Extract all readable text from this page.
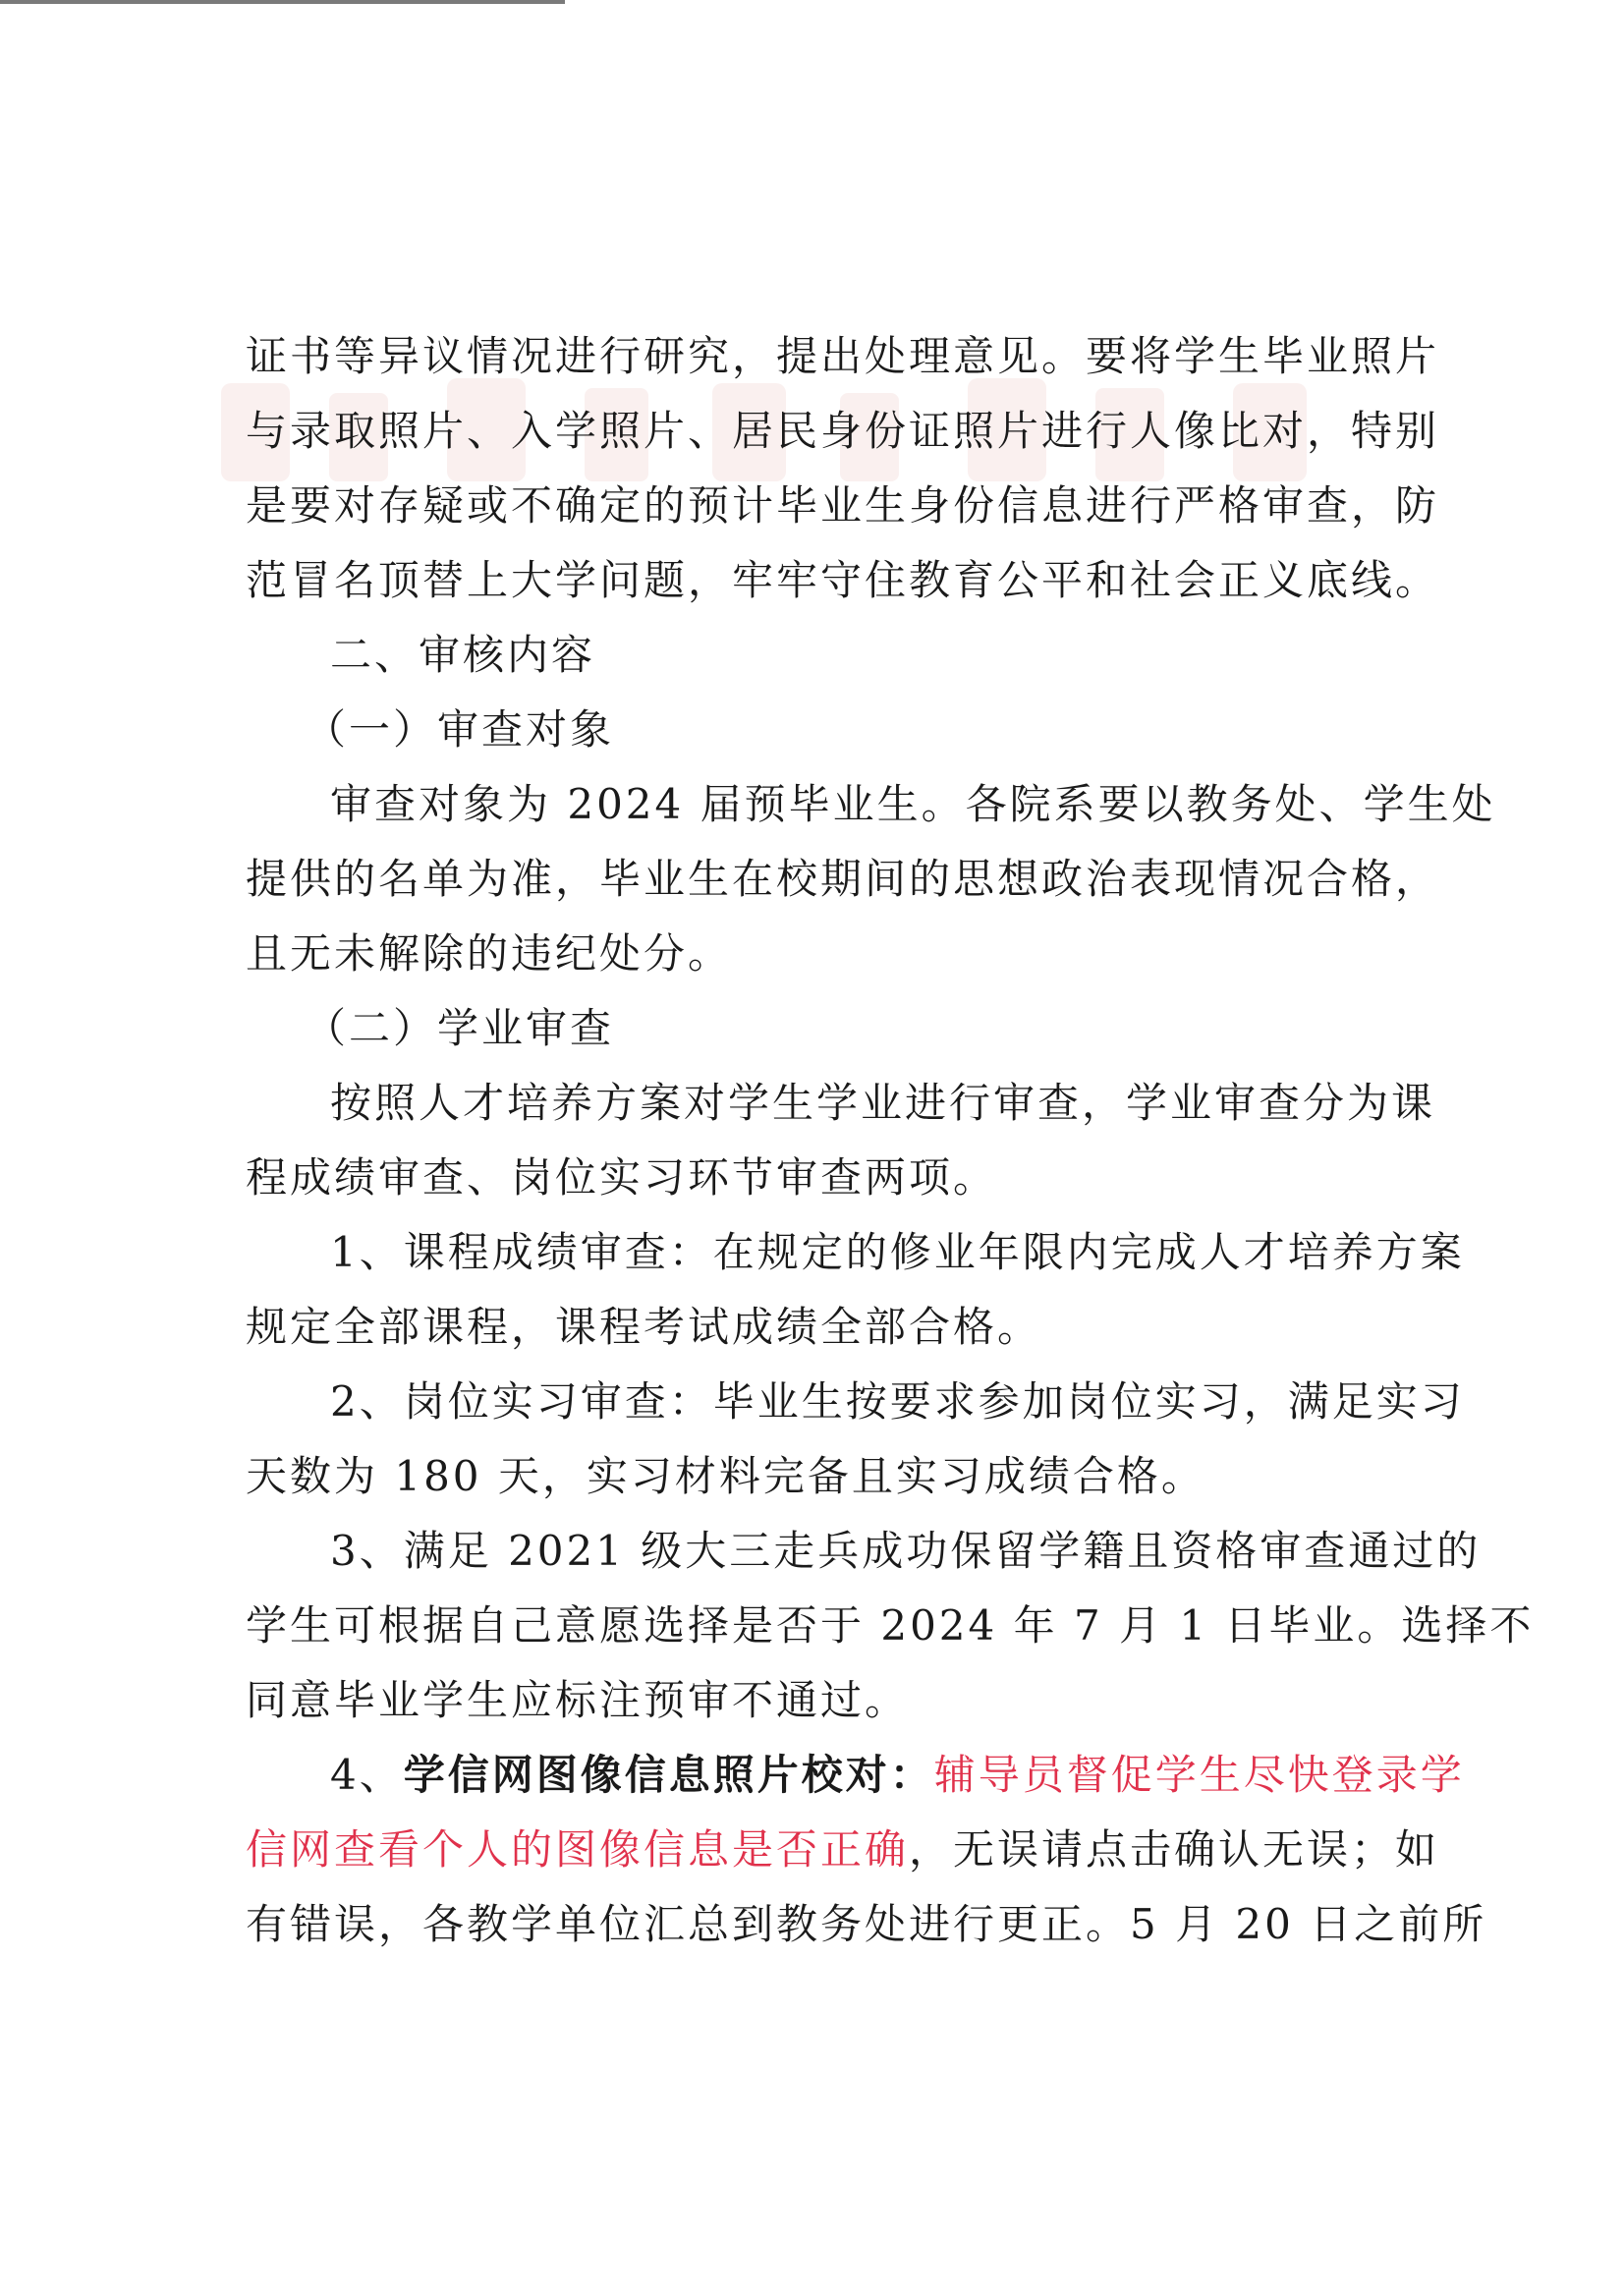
证书等异议情况进行研究，提出处理意见。要将学生毕业照片
与录取照片、入学照片、居民身份证照片进行人像比对，特别
是要对存疑或不确定的预计毕业生身份信息进行严格审查，防
范冒名顶替上大学问题，牢牢守住教育公平和社会正义底线。
二、审核内容
（一）审查对象
审查对象为 2024 届预毕业生。各院系要以教务处、学生处
提供的名单为准，毕业生在校期间的思想政治表现情况合格，
且无未解除的违纪处分。
（二）学业审查
按照人才培养方案对学生学业进行审查，学业审查分为课
程成绩审查、岗位实习环节审查两项。
1、课程成绩审查：在规定的修业年限内完成人才培养方案
规定全部课程，课程考试成绩全部合格。
2、岗位实习审查：毕业生按要求参加岗位实习，满足实习
天数为 180 天，实习材料完备且实习成绩合格。
3、满足 2021 级大三走兵成功保留学籍且资格审查通过的
学生可根据自己意愿选择是否于 2024 年 7 月 1 日毕业。选择不
同意毕业学生应标注预审不通过。
4、学信网图像信息照片校对：辅导员督促学生尽快登录学
信网查看个人的图像信息是否正确，无误请点击确认无误；如
有错误，各教学单位汇总到教务处进行更正。5 月 20 日之前所
